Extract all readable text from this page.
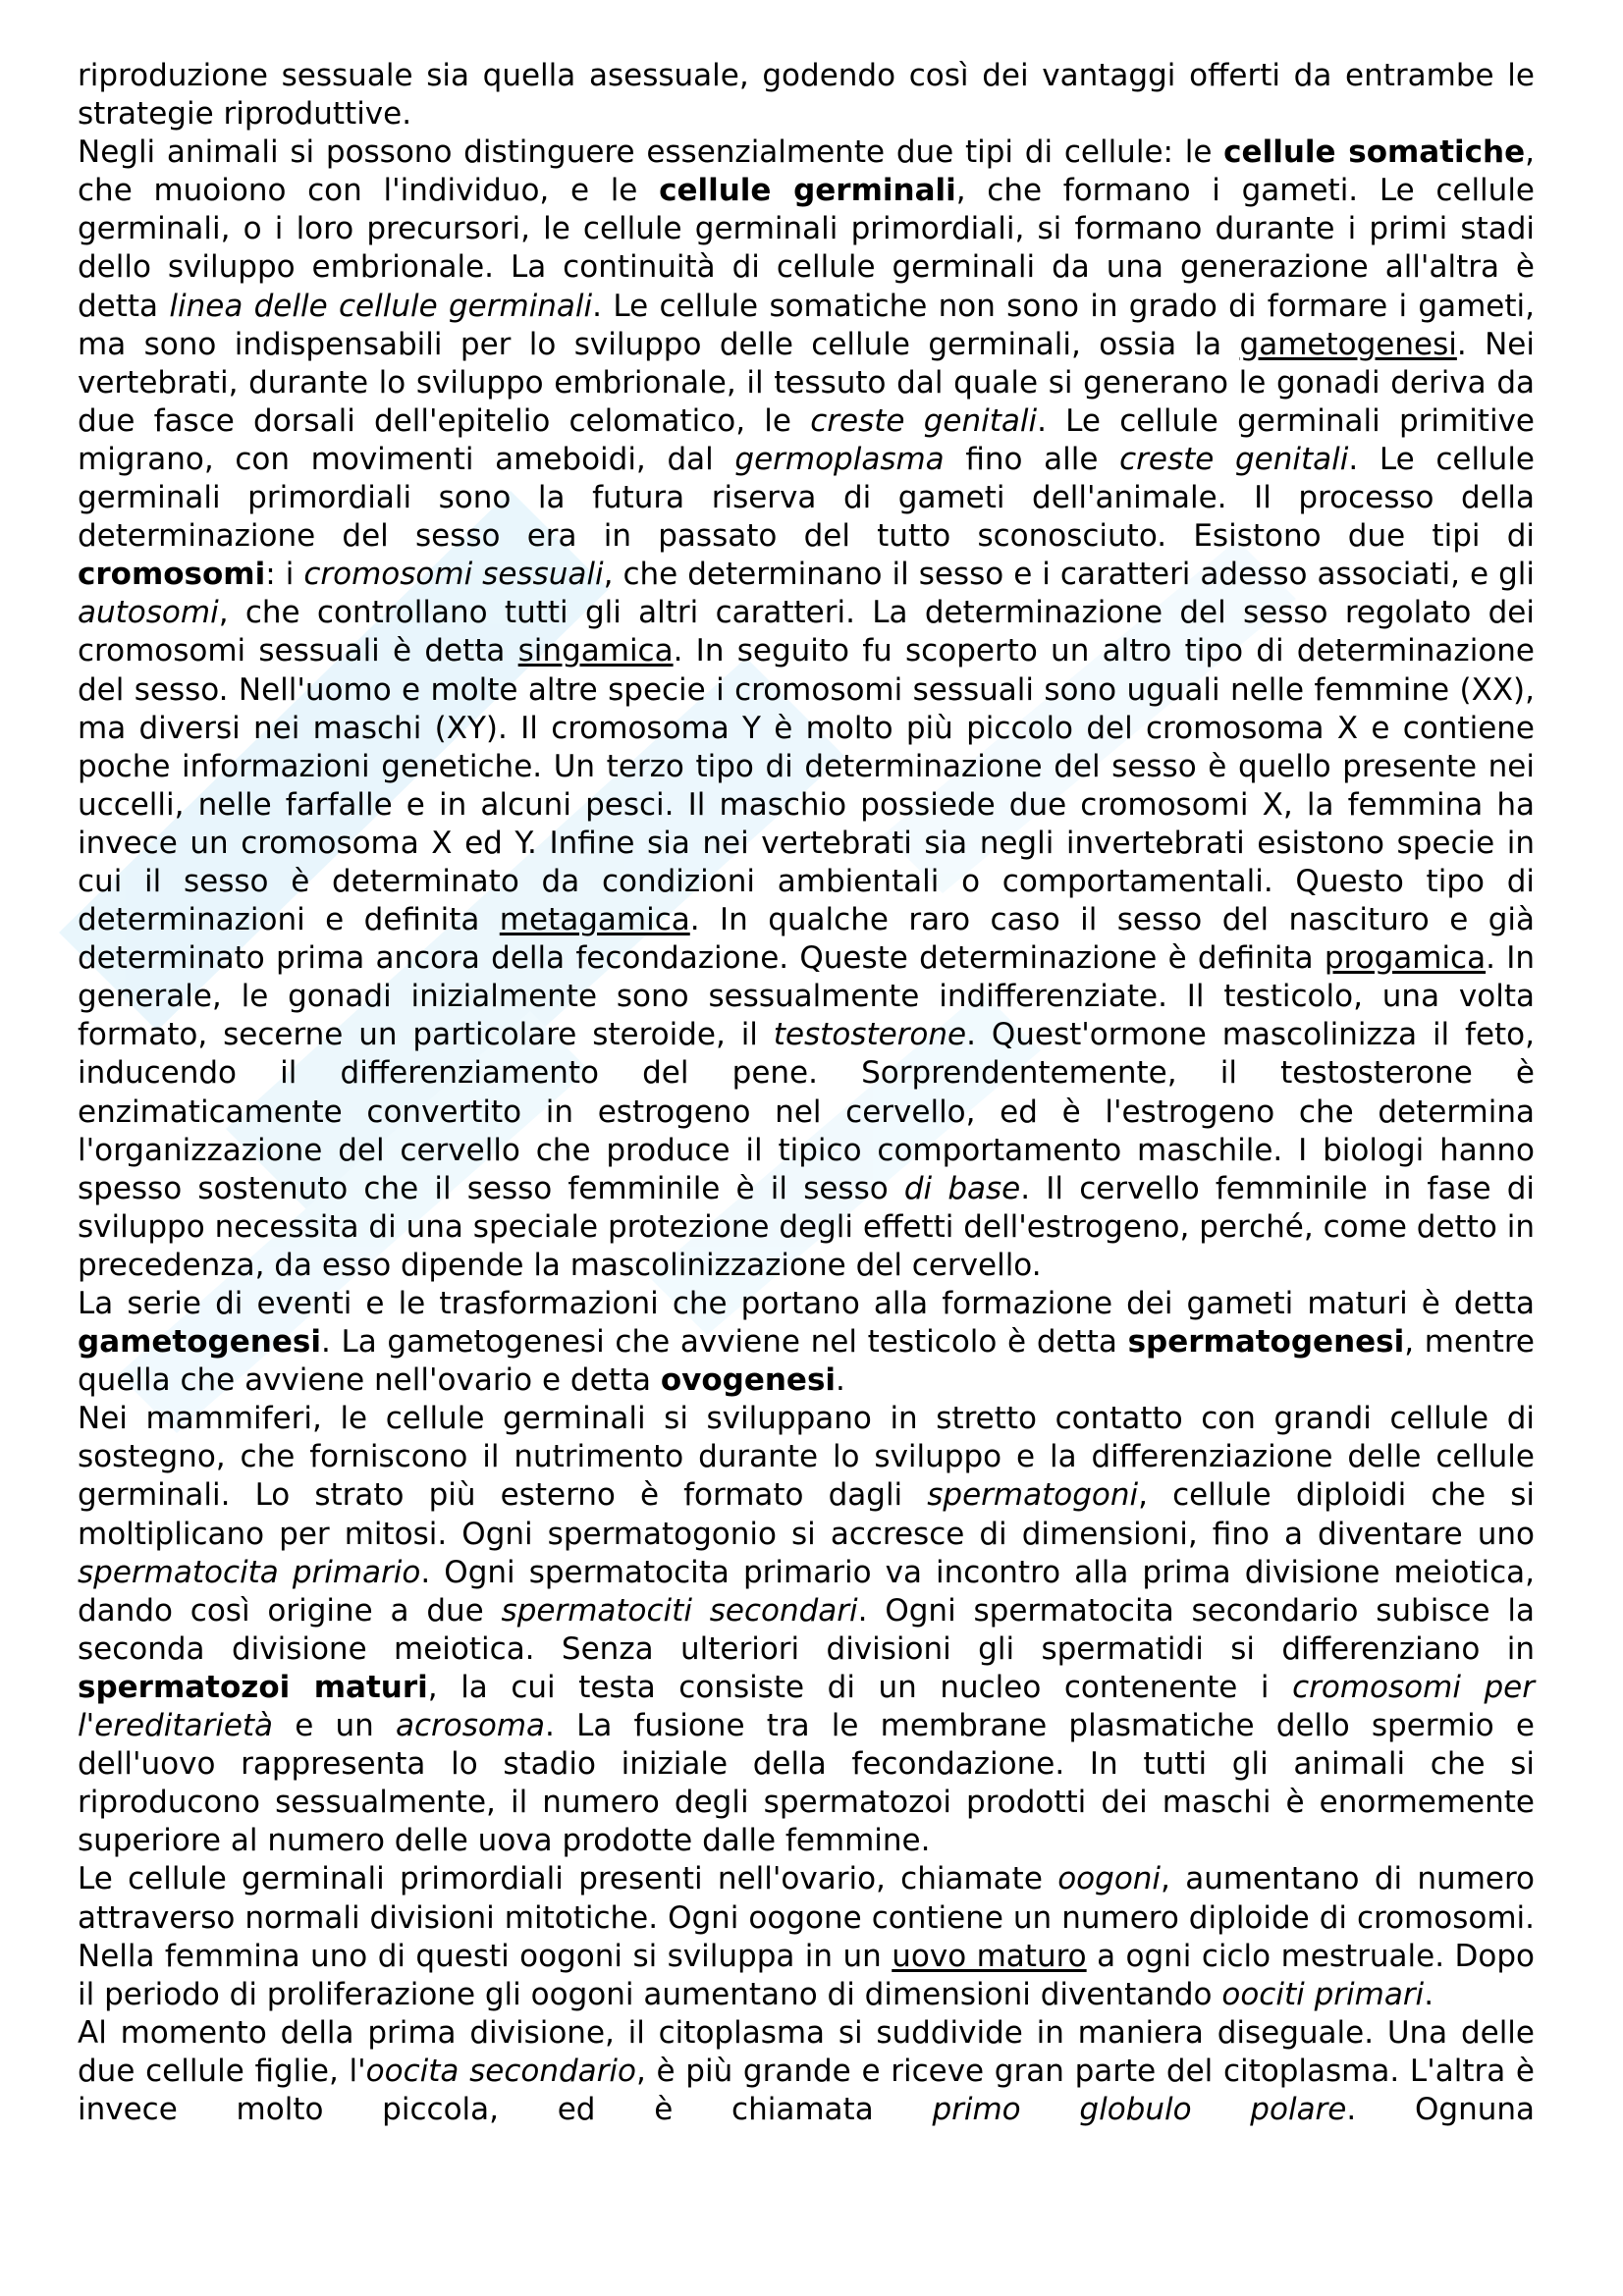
riproduzione sessuale sia quella asessuale, godendo così dei vantaggi offerti da entrambe le strategie riproduttive.

Negli animali si possono distinguere essenzialmente due tipi di cellule: le cellule somatiche, che muoiono con l'individuo, e le cellule germinali, che formano i gameti. Le cellule germinali, o i loro precursori, le cellule germinali primordiali, si formano durante i primi stadi dello sviluppo embrionale. La continuità di cellule germinali da una generazione all'altra è detta linea delle cellule germinali. Le cellule somatiche non sono in grado di formare i gameti, ma sono indispensabili per lo sviluppo delle cellule germinali, ossia la gametogenesi. Nei vertebrati, durante lo sviluppo embrionale, il tessuto dal quale si generano le gonadi deriva da due fasce dorsali dell'epitelio celomatico, le creste genitali. Le cellule germinali primitive migrano, con movimenti ameboidi, dal germoplasma fino alle creste genitali. Le cellule germinali primordiali sono la futura riserva di gameti dell'animale. Il processo della determinazione del sesso era in passato del tutto sconosciuto. Esistono due tipi di cromosomi: i cromosomi sessuali, che determinano il sesso e i caratteri adesso associati, e gli autosomi, che controllano tutti gli altri caratteri. La determinazione del sesso regolato dei cromosomi sessuali è detta singamica. In seguito fu scoperto un altro tipo di determinazione del sesso. Nell'uomo e molte altre specie i cromosomi sessuali sono uguali nelle femmine (XX), ma diversi nei maschi (XY). Il cromosoma Y è molto più piccolo del cromosoma X e contiene poche informazioni genetiche. Un terzo tipo di determinazione del sesso è quello presente nei uccelli, nelle farfalle e in alcuni pesci. Il maschio possiede due cromosomi X, la femmina ha invece un cromosoma X ed Y. Infine sia nei vertebrati sia negli invertebrati esistono specie in cui il sesso è determinato da condizioni ambientali o comportamentali. Questo tipo di determinazioni e definita metagamica. In qualche raro caso il sesso del nascituro e già determinato prima ancora della fecondazione. Queste determinazione è definita progamica. In generale, le gonadi inizialmente sono sessualmente indifferenziate. Il testicolo, una volta formato, secerne un particolare steroide, il testosterone. Quest'ormone mascolinizza il feto, inducendo il differenziamento del pene. Sorprendentemente, il testosterone è enzimaticamente convertito in estrogeno nel cervello, ed è l'estrogeno che determina l'organizzazione del cervello che produce il tipico comportamento maschile. I biologi hanno spesso sostenuto che il sesso femminile è il sesso di base. Il cervello femminile in fase di sviluppo necessita di una speciale protezione degli effetti dell'estrogeno, perché, come detto in precedenza, da esso dipende la mascolinizzazione del cervello.

La serie di eventi e le trasformazioni che portano alla formazione dei gameti maturi è detta gametogenesi. La gametogenesi che avviene nel testicolo è detta spermatogenesi, mentre quella che avviene nell'ovario e detta ovogenesi.

Nei mammiferi, le cellule germinali si sviluppano in stretto contatto con grandi cellule di sostegno, che forniscono il nutrimento durante lo sviluppo e la differenziazione delle cellule germinali. Lo strato più esterno è formato dagli spermatogoni, cellule diploidi che si moltiplicano per mitosi. Ogni spermatogonio si accresce di dimensioni, fino a diventare uno spermatocita primario. Ogni spermatocita primario va incontro alla prima divisione meiotica, dando così origine a due spermatociti secondari. Ogni spermatocita secondario subisce la seconda divisione meiotica. Senza ulteriori divisioni gli spermatidi si differenziano in spermatozoi maturi, la cui testa consiste di un nucleo contenente i cromosomi per l'ereditarietà e un acrosoma. La fusione tra le membrane plasmatiche dello spermio e dell'uovo rappresenta lo stadio iniziale della fecondazione. In tutti gli animali che si riproducono sessualmente, il numero degli spermatozoi prodotti dei maschi è enormemente superiore al numero delle uova prodotte dalle femmine.

Le cellule germinali primordiali presenti nell'ovario, chiamate oogoni, aumentano di numero attraverso normali divisioni mitotiche. Ogni oogone contiene un numero diploide di cromosomi. Nella femmina uno di questi oogoni si sviluppa in un uovo maturo a ogni ciclo mestruale. Dopo il periodo di proliferazione gli oogoni aumentano di dimensioni diventando oociti primari.

Al momento della prima divisione, il citoplasma si suddivide in maniera diseguale. Una delle due cellule figlie, l'oocita secondario, è più grande e riceve gran parte del citoplasma. L'altra è invece molto piccola, ed è chiamata primo globulo polare. Ognuna
